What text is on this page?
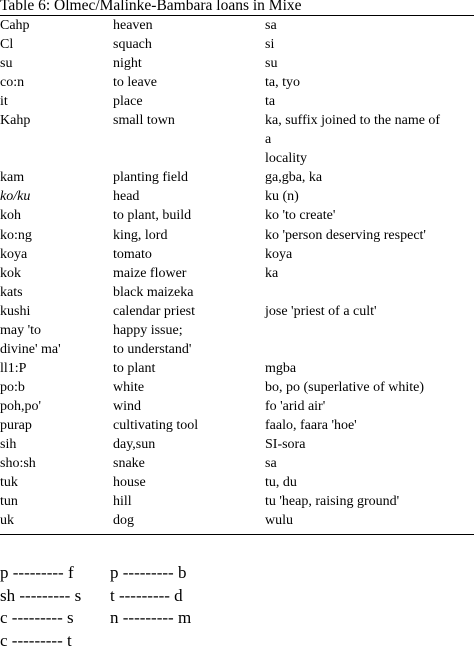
Table 6: Olmec/Malinke-Bambara loans in Mixe
Cahp	heaven	sa
Cl	squach	si
su	night	su
co:n	to leave	ta, tyo
it	place	ta
Kahp	small town	ka, suffix joined to the name of
		a
		locality
kam	planting field	ga,gba, ka
ko/ku	head	ku (n)
koh	to plant, build	ko 'to create'
ko:ng	king, lord	ko 'person deserving respect'
koya	tomato	koya
kok	maize flower	ka
kats	black maizeka	
kushi	calendar priest	jose 'priest of a cult'
may 'to	happy issue;	
divine' ma'	to understand'	
ll1:P	to plant	mgba
po:b	white	bo, po (superlative of white)
poh,po'	wind	fo 'arid air'
purap	cultivating tool	faalo, faara 'hoe'
sih	day,sun	SI-sora
sho:sh	snake	sa
tuk	house	tu, du
tun	hill	tu 'heap, raising ground'
uk	dog	wulu
p --------- f	p --------- b
sh --------- s	t --------- d
c --------- s	n --------- m
c --------- t
